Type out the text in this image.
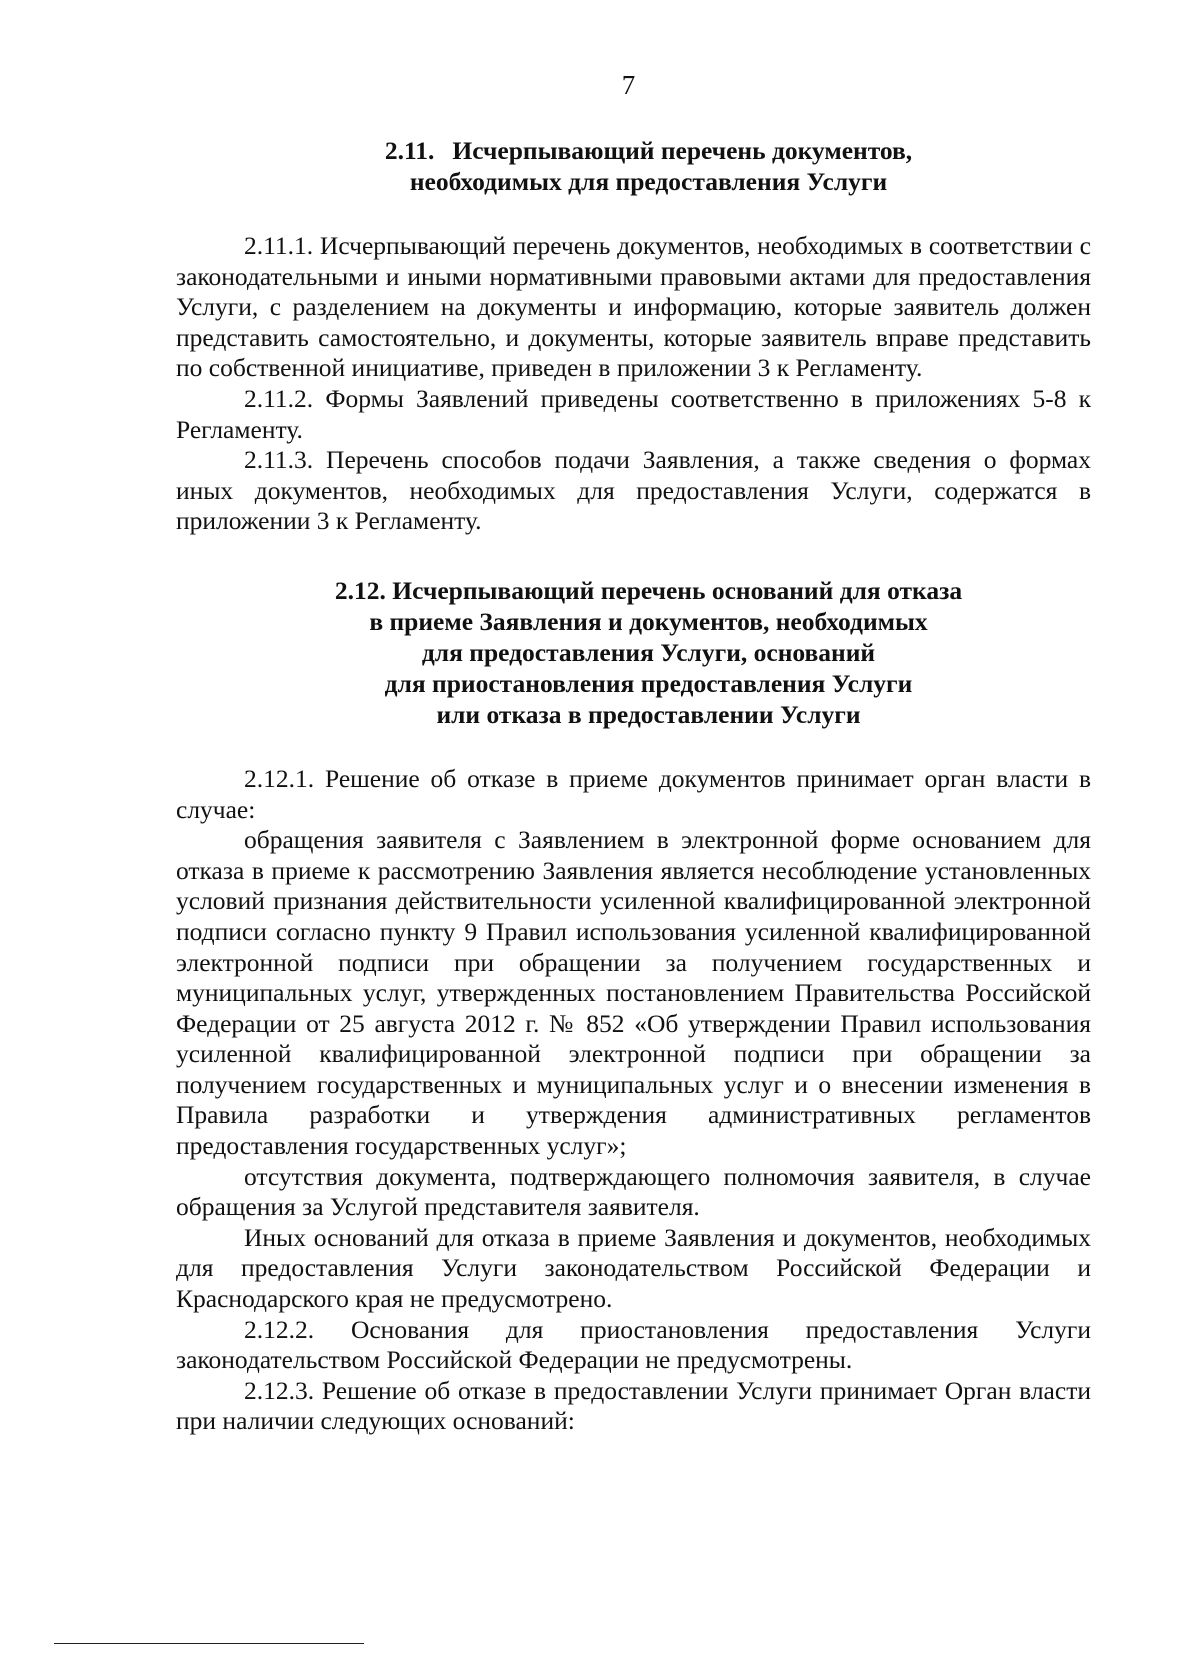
7
2.11. Исчерпывающий перечень документов,
необходимых для предоставления Услуги

2.11.1. Исчерпывающий перечень документов, необходимых в соответствии с законодательными и иными нормативными правовыми актами для предоставления Услуги, с разделением на документы и информацию, которые заявитель должен представить самостоятельно, и документы, которые заявитель вправе представить по собственной инициативе, приведен в приложении 3 к Регламенту.

2.11.2. Формы Заявлений приведены соответственно в приложениях 5-8 к Регламенту.

2.11.3. Перечень способов подачи Заявления, а также сведения о формах иных документов, необходимых для предоставления Услуги, содержатся в приложении 3 к Регламенту.

2.12. Исчерпывающий перечень оснований для отказа
в приеме Заявления и документов, необходимых
для предоставления Услуги, оснований
для приостановления предоставления Услуги
или отказа в предоставлении Услуги

2.12.1. Решение об отказе в приеме документов принимает орган власти в случае:

обращения заявителя с Заявлением в электронной форме основанием для отказа в приеме к рассмотрению Заявления является несоблюдение установленных условий признания действительности усиленной квалифицированной электронной подписи согласно пункту 9 Правил использования усиленной квалифицированной электронной подписи при обращении за получением государственных и муниципальных услуг, утвержденных постановлением Правительства Российской Федерации от 25 августа 2012 г. № 852 «Об утверждении Правил использования усиленной квалифицированной электронной подписи при обращении за получением государственных и муниципальных услуг и о внесении изменения в Правила разработки и утверждения административных регламентов предоставления государственных услуг»;

отсутствия документа, подтверждающего полномочия заявителя, в случае обращения за Услугой представителя заявителя.

Иных оснований для отказа в приеме Заявления и документов, необходимых для предоставления Услуги законодательством Российской Федерации и Краснодарского края не предусмотрено.

2.12.2. Основания для приостановления предоставления Услуги законодательством Российской Федерации не предусмотрены.

2.12.3. Решение об отказе в предоставлении Услуги принимает Орган власти при наличии следующих оснований:
